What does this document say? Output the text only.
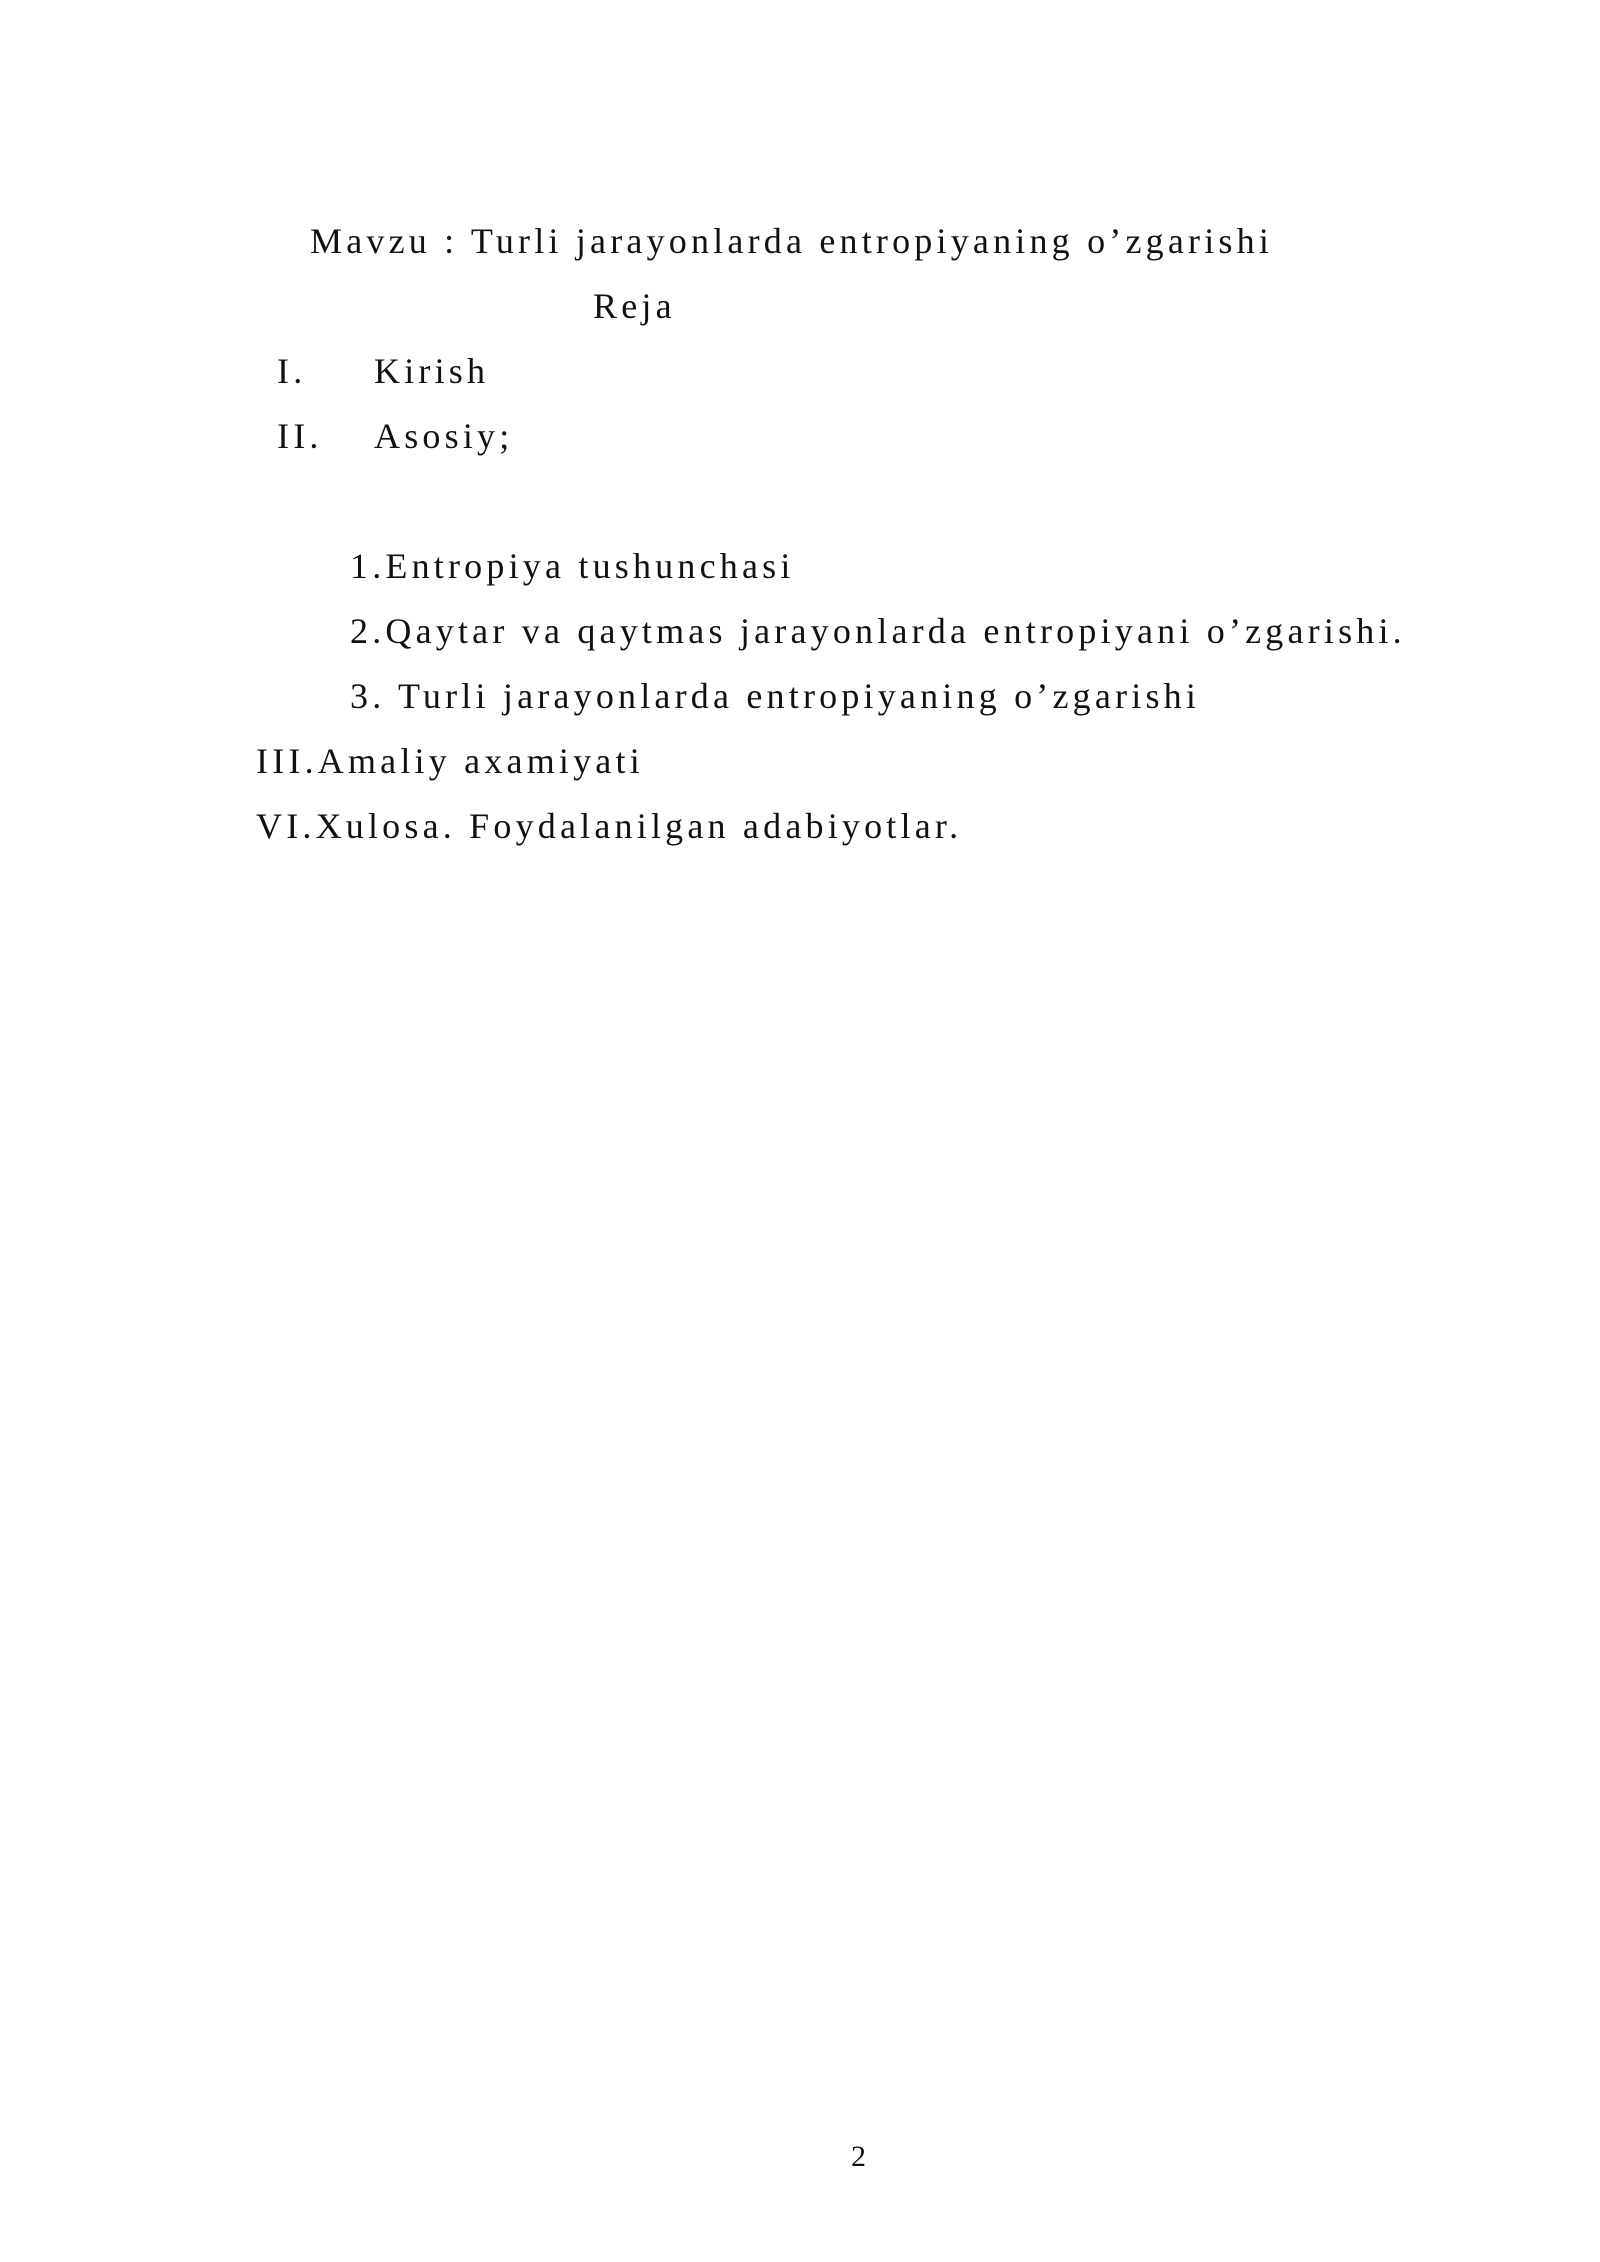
Mavzu : Turli jarayonlarda entropiyaning o’zgarishi
Reja
I. Kirish
II. Asosiy;
1.Entropiya tushunchasi
2.Qaytar va qaytmas jarayonlarda entropiyani o’zgarishi.
3. Turli jarayonlarda entropiyaning o’zgarishi
III.Amaliy axamiyati
VI.Xulosa. Foydalanilgan adabiyotlar.
2
